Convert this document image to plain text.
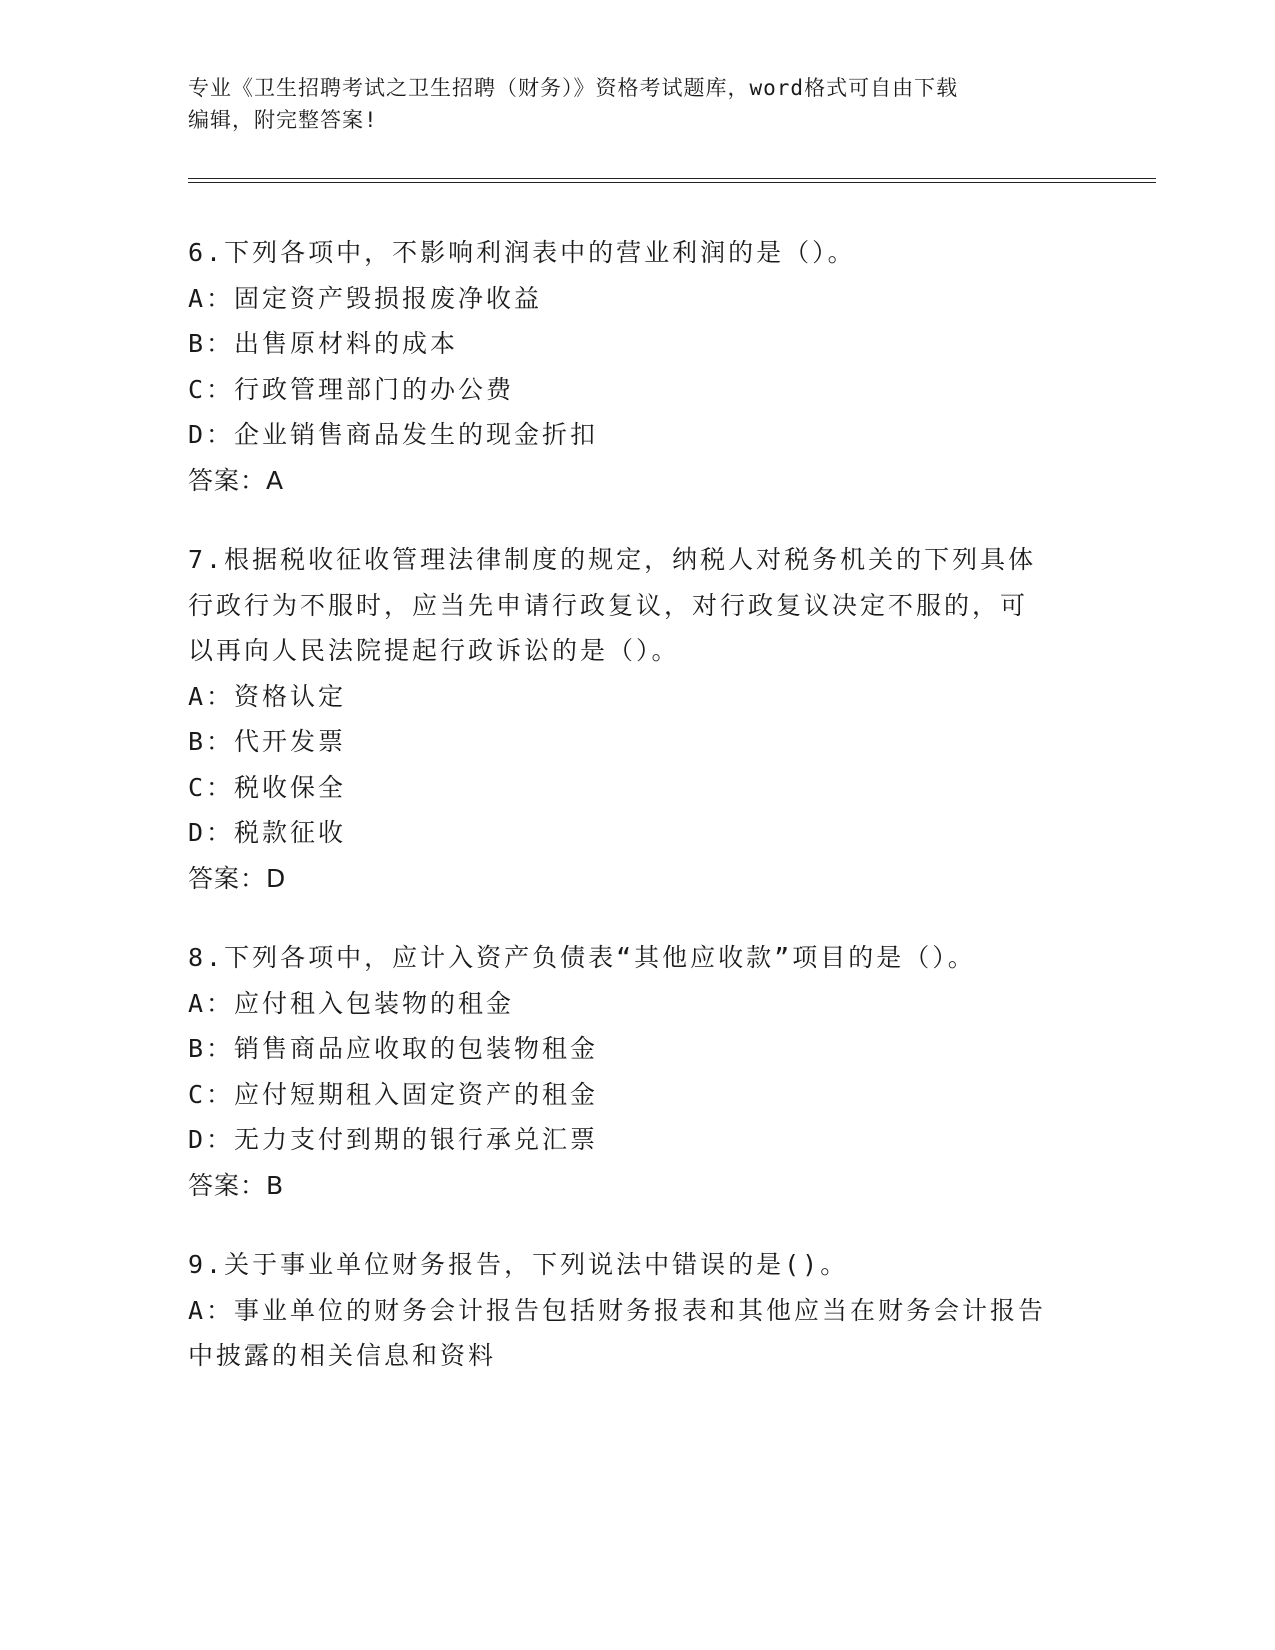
专业《卫生招聘考试之卫生招聘（财务）》资格考试题库，word格式可自由下载
编辑，附完整答案!
6.下列各项中，不影响利润表中的营业利润的是（）。
A：固定资产毁损报废净收益
B：出售原材料的成本
C：行政管理部门的办公费
D：企业销售商品发生的现金折扣
答案：A
7.根据税收征收管理法律制度的规定，纳税人对税务机关的下列具体
行政行为不服时，应当先申请行政复议，对行政复议决定不服的，可
以再向人民法院提起行政诉讼的是（）。
A：资格认定
B：代开发票
C：税收保全
D：税款征收
答案：D
8.下列各项中，应计入资产负债表“其他应收款”项目的是（）。
A：应付租入包装物的租金
B：销售商品应收取的包装物租金
C：应付短期租入固定资产的租金
D：无力支付到期的银行承兑汇票
答案：B
9.关于事业单位财务报告，下列说法中错误的是()。
A：事业单位的财务会计报告包括财务报表和其他应当在财务会计报告
中披露的相关信息和资料
